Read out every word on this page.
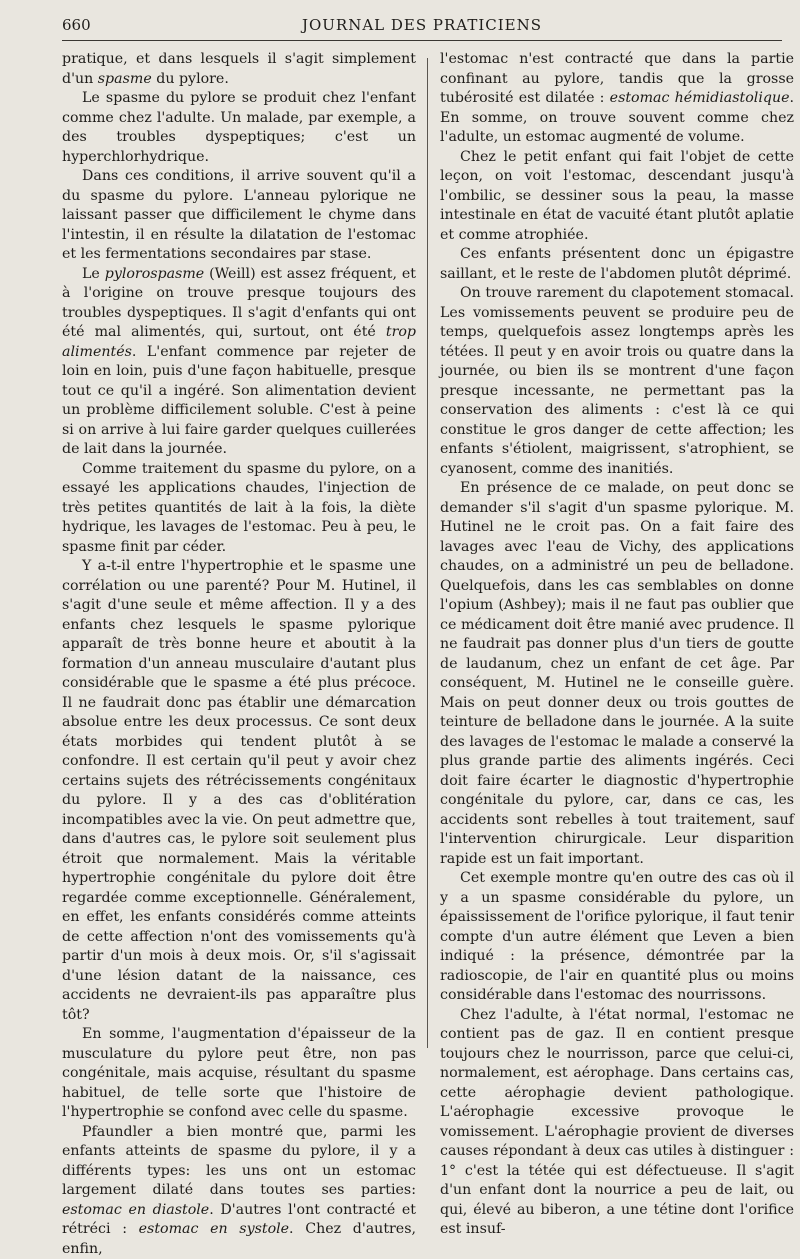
660	JOURNAL DES PRATICIENS

pratique, et dans lesquels il s'agit simplement d'un spasme du pylore.

Le spasme du pylore se produit chez l'enfant comme chez l'adulte. Un malade, par exemple, a des troubles dyspeptiques; c'est un hyperchlorhydrique.

Dans ces conditions, il arrive souvent qu'il a du spasme du pylore. L'anneau pylorique ne laissant passer que difficilement le chyme dans l'intestin, il en résulte la dilatation de l'estomac et les fermentations secondaires par stase.

Le pylorospasme (Weill) est assez fréquent, et à l'origine on trouve presque toujours des troubles dyspeptiques. Il s'agit d'enfants qui ont été mal alimentés, qui, surtout, ont été trop alimentés. L'enfant commence par rejeter de loin en loin, puis d'une façon habituelle, presque tout ce qu'il a ingéré. Son alimentation devient un problème difficilement soluble. C'est à peine si on arrive à lui faire garder quelques cuillerées de lait dans la journée.

Comme traitement du spasme du pylore, on a essayé les applications chaudes, l'injection de très petites quantités de lait à la fois, la diète hydrique, les lavages de l'estomac. Peu à peu, le spasme finit par céder.

Y a-t-il entre l'hypertrophie et le spasme une corrélation ou une parenté? Pour M. Hutinel, il s'agit d'une seule et même affection. Il y a des enfants chez lesquels le spasme pylorique apparaît de très bonne heure et aboutit à la formation d'un anneau musculaire d'autant plus considérable que le spasme a été plus précoce. Il ne faudrait donc pas établir une démarcation absolue entre les deux processus. Ce sont deux états morbides qui tendent plutôt à se confondre. Il est certain qu'il peut y avoir chez certains sujets des rétrécissements congénitaux du pylore. Il y a des cas d'oblitération incompatibles avec la vie. On peut admettre que, dans d'autres cas, le pylore soit seulement plus étroit que normalement. Mais la véritable hypertrophie congénitale du pylore doit être regardée comme exceptionnelle. Généralement, en effet, les enfants considérés comme atteints de cette affection n'ont des vomissements qu'à partir d'un mois à deux mois. Or, s'il s'agissait d'une lésion datant de la naissance, ces accidents ne devraient-ils pas apparaître plus tôt?

En somme, l'augmentation d'épaisseur de la musculature du pylore peut être, non pas congénitale, mais acquise, résultant du spasme habituel, de telle sorte que l'histoire de l'hypertrophie se confond avec celle du spasme.

Pfaundler a bien montré que, parmi les enfants atteints de spasme du pylore, il y a différents types: les uns ont un estomac largement dilaté dans toutes ses parties: estomac en diastole. D'autres l'ont contracté et rétréci : estomac en systole. Chez d'autres, enfin,

l'estomac n'est contracté que dans la partie confinant au pylore, tandis que la grosse tubérosité est dilatée : estomac hémidiastolique. En somme, on trouve souvent comme chez l'adulte, un estomac augmenté de volume.

Chez le petit enfant qui fait l'objet de cette leçon, on voit l'estomac, descendant jusqu'à l'ombilic, se dessiner sous la peau, la masse intestinale en état de vacuité étant plutôt aplatie et comme atrophiée.

Ces enfants présentent donc un épigastre saillant, et le reste de l'abdomen plutôt déprimé.

On trouve rarement du clapotement stomacal. Les vomissements peuvent se produire peu de temps, quelquefois assez longtemps après les tétées. Il peut y en avoir trois ou quatre dans la journée, ou bien ils se montrent d'une façon presque incessante, ne permettant pas la conservation des aliments : c'est là ce qui constitue le gros danger de cette affection; les enfants s'étiolent, maigrissent, s'atrophient, se cyanosent, comme des inanitiés.

En présence de ce malade, on peut donc se demander s'il s'agit d'un spasme pylorique. M. Hutinel ne le croit pas. On a fait faire des lavages avec l'eau de Vichy, des applications chaudes, on a administré un peu de belladone. Quelquefois, dans les cas semblables on donne l'opium (Ashbey); mais il ne faut pas oublier que ce médicament doit être manié avec prudence. Il ne faudrait pas donner plus d'un tiers de goutte de laudanum, chez un enfant de cet âge. Par conséquent, M. Hutinel ne le conseille guère. Mais on peut donner deux ou trois gouttes de teinture de belladone dans le journée. A la suite des lavages de l'estomac le malade a conservé la plus grande partie des aliments ingérés. Ceci doit faire écarter le diagnostic d'hypertrophie congénitale du pylore, car, dans ce cas, les accidents sont rebelles à tout traitement, sauf l'intervention chirurgicale. Leur disparition rapide est un fait important.

Cet exemple montre qu'en outre des cas où il y a un spasme considérable du pylore, un épaississement de l'orifice pylorique, il faut tenir compte d'un autre élément que Leven a bien indiqué : la présence, démontrée par la radioscopie, de l'air en quantité plus ou moins considérable dans l'estomac des nourrissons.

Chez l'adulte, à l'état normal, l'estomac ne contient pas de gaz. Il en contient presque toujours chez le nourrisson, parce que celui-ci, normalement, est aérophage. Dans certains cas, cette aérophagie devient pathologique. L'aérophagie excessive provoque le vomissement. L'aérophagie provient de diverses causes répondant à deux cas utiles à distinguer : 1° c'est la tétée qui est défectueuse. Il s'agit d'un enfant dont la nourrice a peu de lait, ou qui, élevé au biberon, a une tétine dont l'orifice est insuf-
